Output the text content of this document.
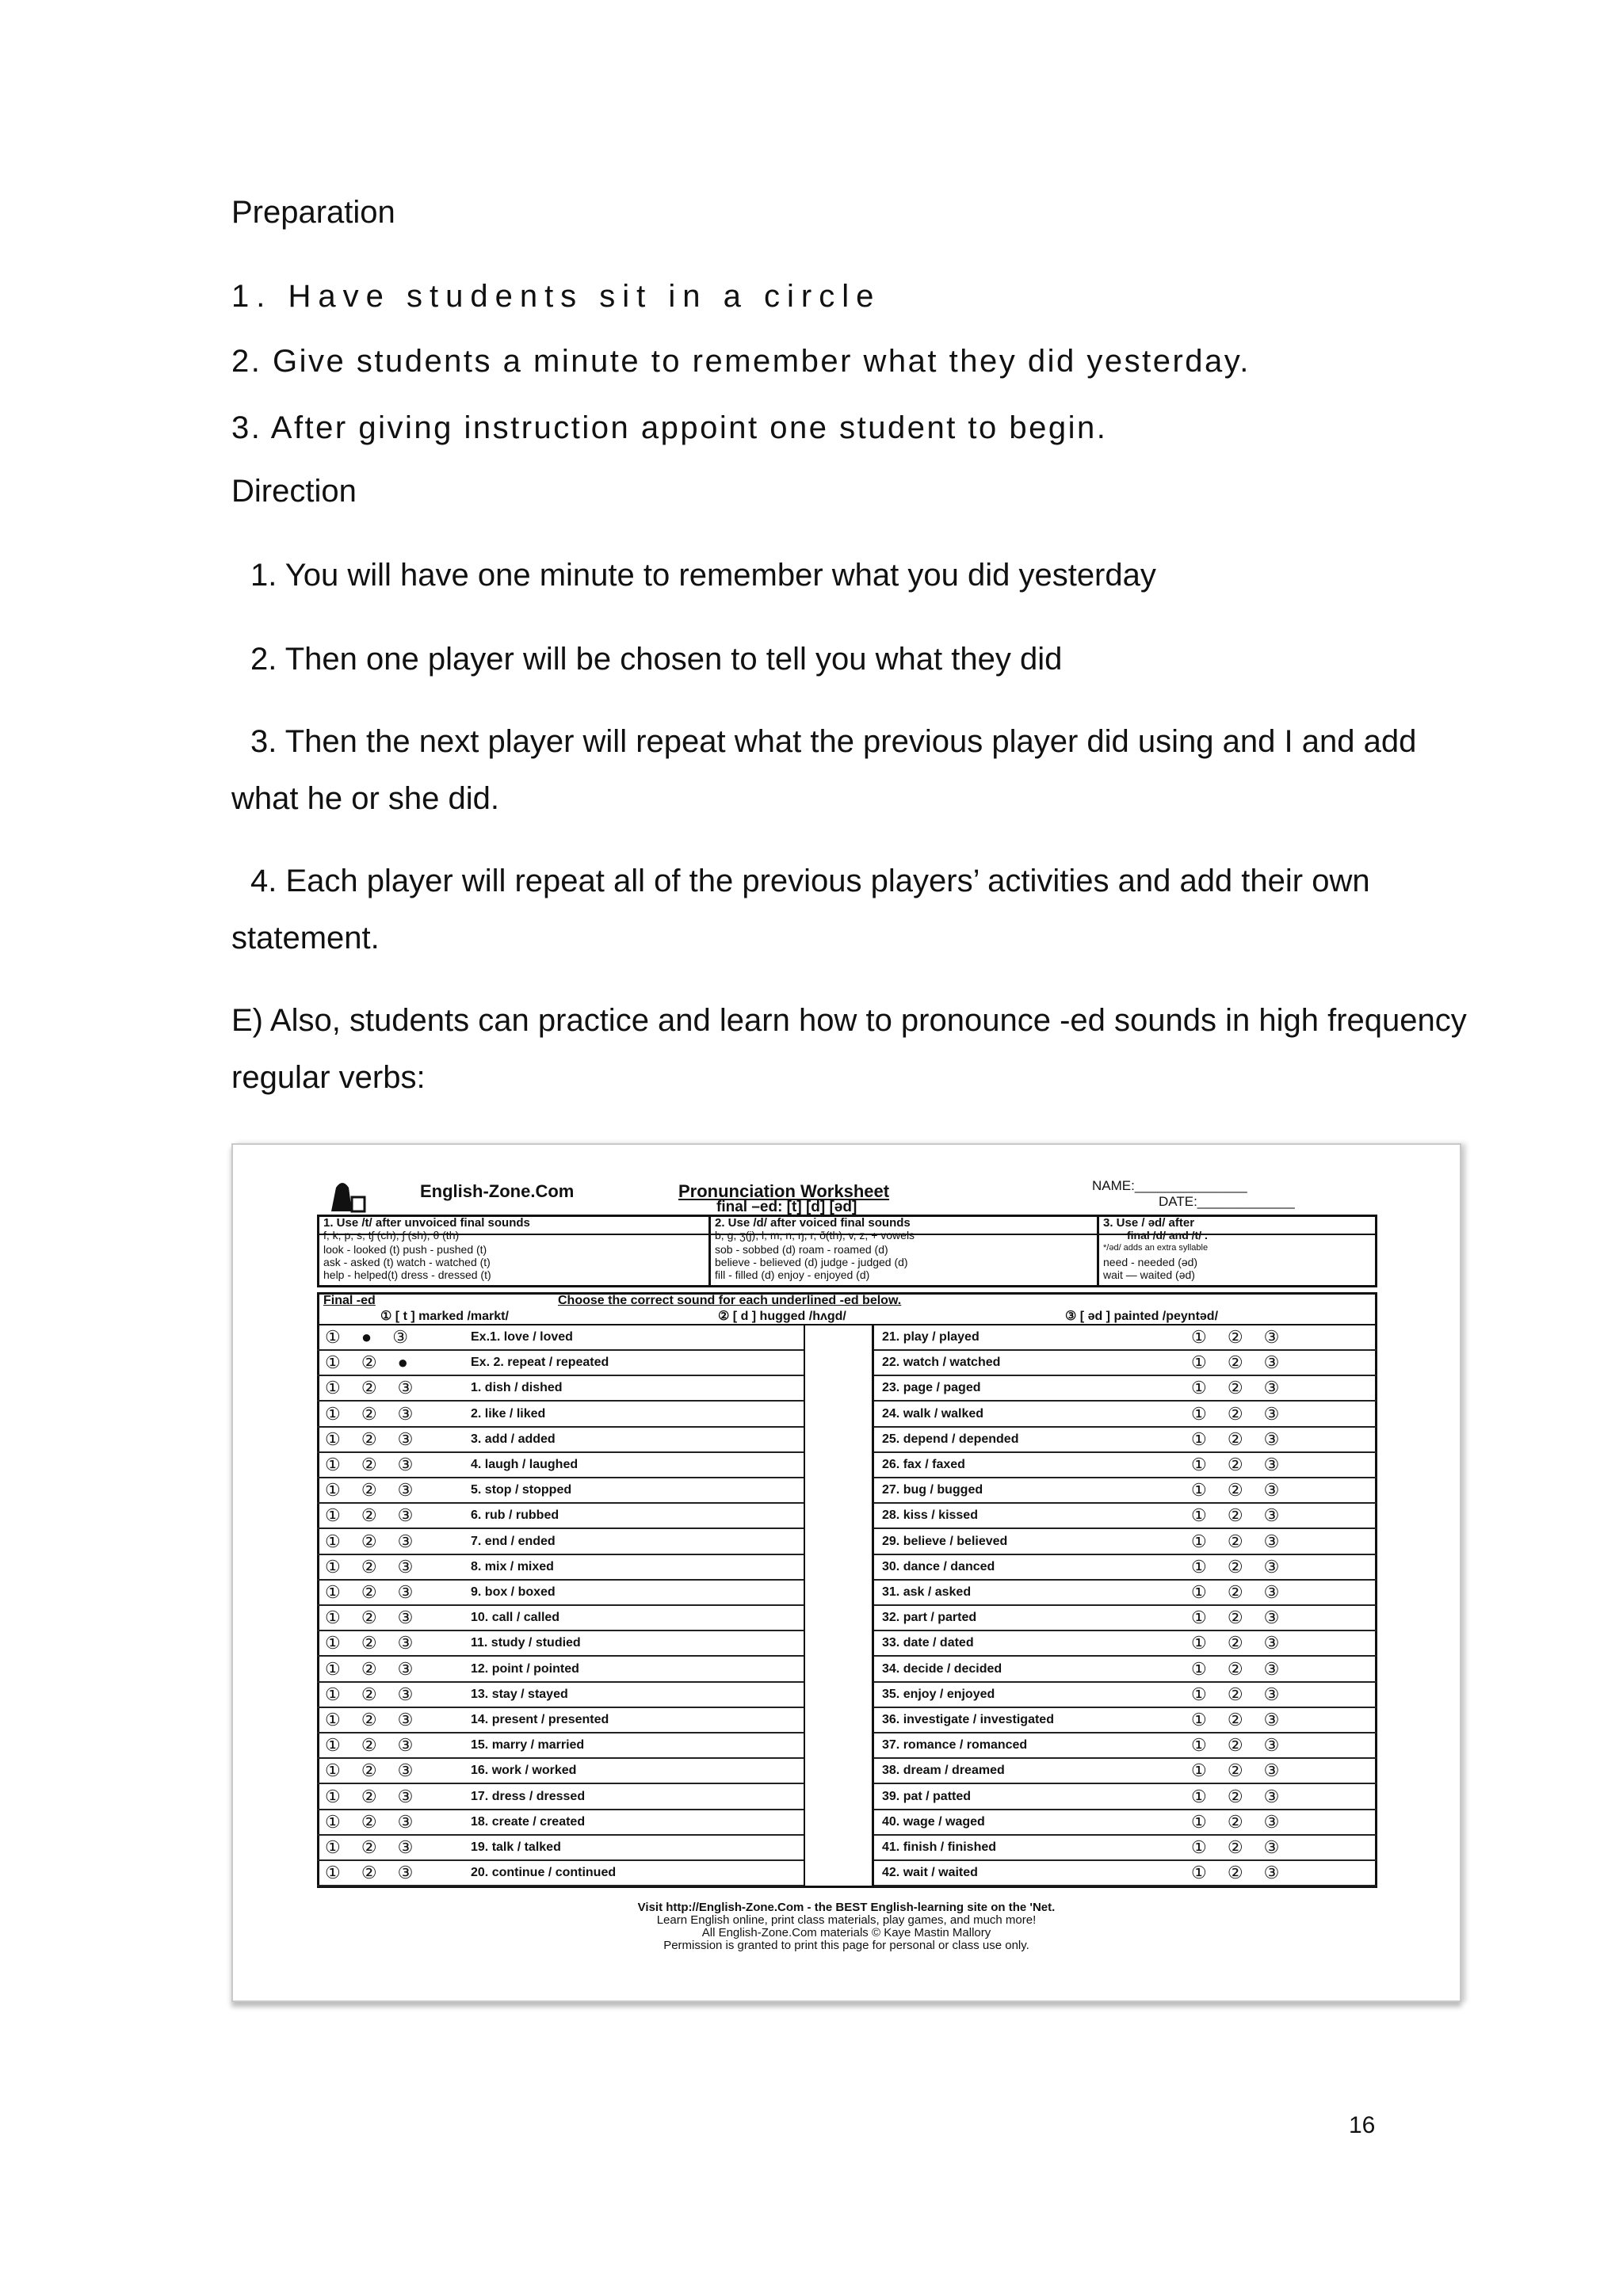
Preparation
1. Have students sit in a circle
2. Give students a minute to remember what they did yesterday.
3. After giving instruction appoint one student to begin.
Direction
1. You will have one minute to remember what you did yesterday
2. Then one player will be chosen to tell you what they did
3. Then the next player will repeat what the previous player did using and I and add what he or she did.
4. Each player will repeat all of the previous players’ activities and add their own statement.
E) Also, students can practice and learn how to pronounce -ed sounds in high frequency regular verbs:
English-Zone.Com	Pronunciation Worksheet
final –ed: [t] [d] [əd]
NAME:_______________
DATE:_____________
1. Use /t/ after unvoiced final sounds
f, k, p, s, tʃ (ch), ʃ (sh), θ (th)
look - looked (t) push - pushed (t)
ask - asked (t) watch - watched (t)
help - helped(t) dress - dressed (t)
2. Use /d/ after voiced final sounds
b, g, ʒ(j), l, m, n, ŋ, r, ð(th), v, z, + vowels
sob - sobbed (d) roam - roamed (d)
believe - believed (d) judge - judged (d)
fill - filled (d) enjoy - enjoyed (d)
3. Use / əd/ after
final /d/ and /t/ .
*/əd/ adds an extra syllable
need - needed (əd)
wait — waited (əd)
Final -ed	Choose the correct sound for each underlined -ed below.
① [ t ] marked /markt/	② [ d ] hugged /hʌgd/	③ [ əd ] painted /peyntəd/
① ● ③	Ex.1. love / loved
① ② ●	Ex. 2. repeat / repeated
① ② ③	1. dish / dished
① ② ③	2. like / liked
① ② ③	3. add / added
① ② ③	4. laugh / laughed
① ② ③	5. stop / stopped
① ② ③	6. rub / rubbed
① ② ③	7. end / ended
① ② ③	8. mix / mixed
① ② ③	9. box / boxed
① ② ③	10. call / called
① ② ③	11. study / studied
① ② ③	12. point / pointed
① ② ③	13. stay / stayed
① ② ③	14. present / presented
① ② ③	15. marry / married
① ② ③	16. work / worked
① ② ③	17. dress / dressed
① ② ③	18. create / created
① ② ③	19. talk / talked
① ② ③	20. continue / continued
21. play / played	① ② ③
22. watch / watched	① ② ③
23. page / paged	① ② ③
24. walk / walked	① ② ③
25. depend / depended	① ② ③
26. fax / faxed	① ② ③
27. bug / bugged	① ② ③
28. kiss / kissed	① ② ③
29. believe / believed	① ② ③
30. dance / danced	① ② ③
31. ask / asked	① ② ③
32. part / parted	① ② ③
33. date / dated	① ② ③
34. decide / decided	① ② ③
35. enjoy / enjoyed	① ② ③
36. investigate / investigated	① ② ③
37. romance / romanced	① ② ③
38. dream / dreamed	① ② ③
39. pat / patted	① ② ③
40. wage / waged	① ② ③
41. finish / finished	① ② ③
42. wait / waited	① ② ③
Visit http://English-Zone.Com - the BEST English-learning site on the 'Net.
Learn English online, print class materials, play games, and much more!
All English-Zone.Com materials © Kaye Mastin Mallory
Permission is granted to print this page for personal or class use only.
16
